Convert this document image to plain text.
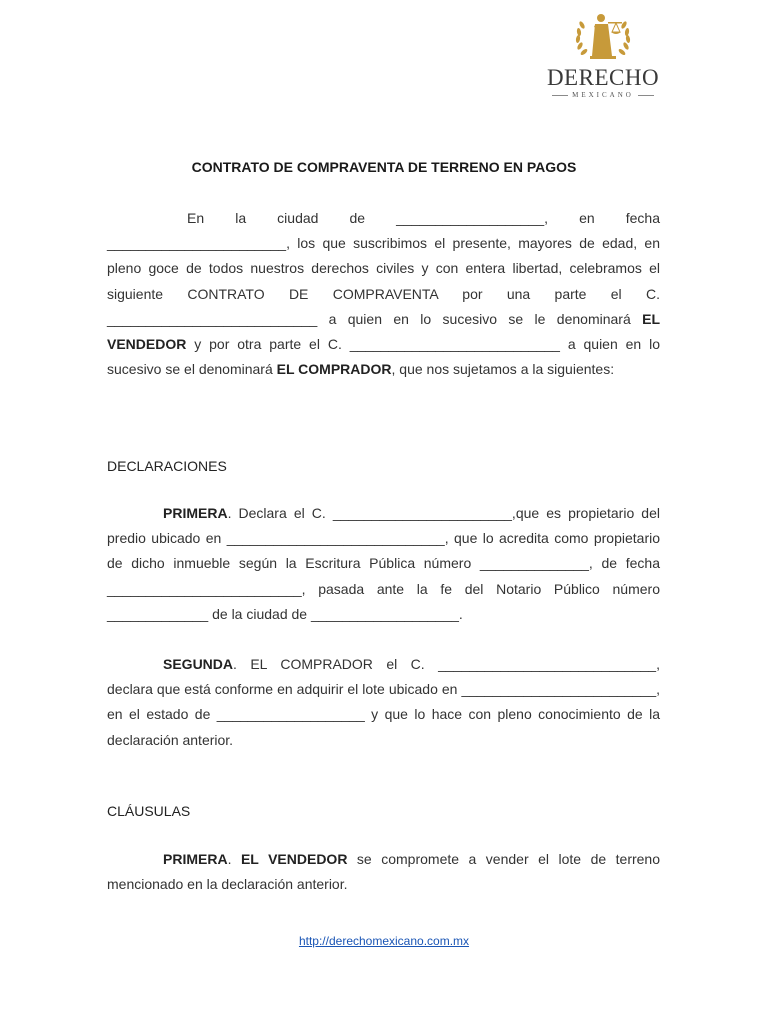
DERECHO
MEXICANO
CONTRATO DE COMPRAVENTA DE TERRENO EN PAGOS
En la ciudad de ___________________, en fecha _______________________, los que suscribimos el presente, mayores de edad, en pleno goce de todos nuestros derechos civiles y con entera libertad, celebramos el siguiente CONTRATO DE COMPRAVENTA por una parte el C. ___________________________ a quien en lo sucesivo se le denominará EL VENDEDOR y por otra parte el C. ___________________________ a quien en lo sucesivo se el denominará EL COMPRADOR, que nos sujetamos a la siguientes:
DECLARACIONES
PRIMERA. Declara el C. _______________________,que es propietario del predio ubicado en ____________________________, que lo acredita como propietario de dicho inmueble según la Escritura Pública número ______________, de fecha _________________________, pasada ante la fe del Notario Público número _____________ de la ciudad de ___________________.
SEGUNDA. EL COMPRADOR el C. ____________________________, declara que está conforme en adquirir el lote ubicado en _________________________, en el estado de ___________________ y que lo hace con pleno conocimiento de la declaración anterior.
CLÁUSULAS
PRIMERA. EL VENDEDOR se compromete a vender el lote de terreno mencionado en la declaración anterior.
http://derechomexicano.com.mx
